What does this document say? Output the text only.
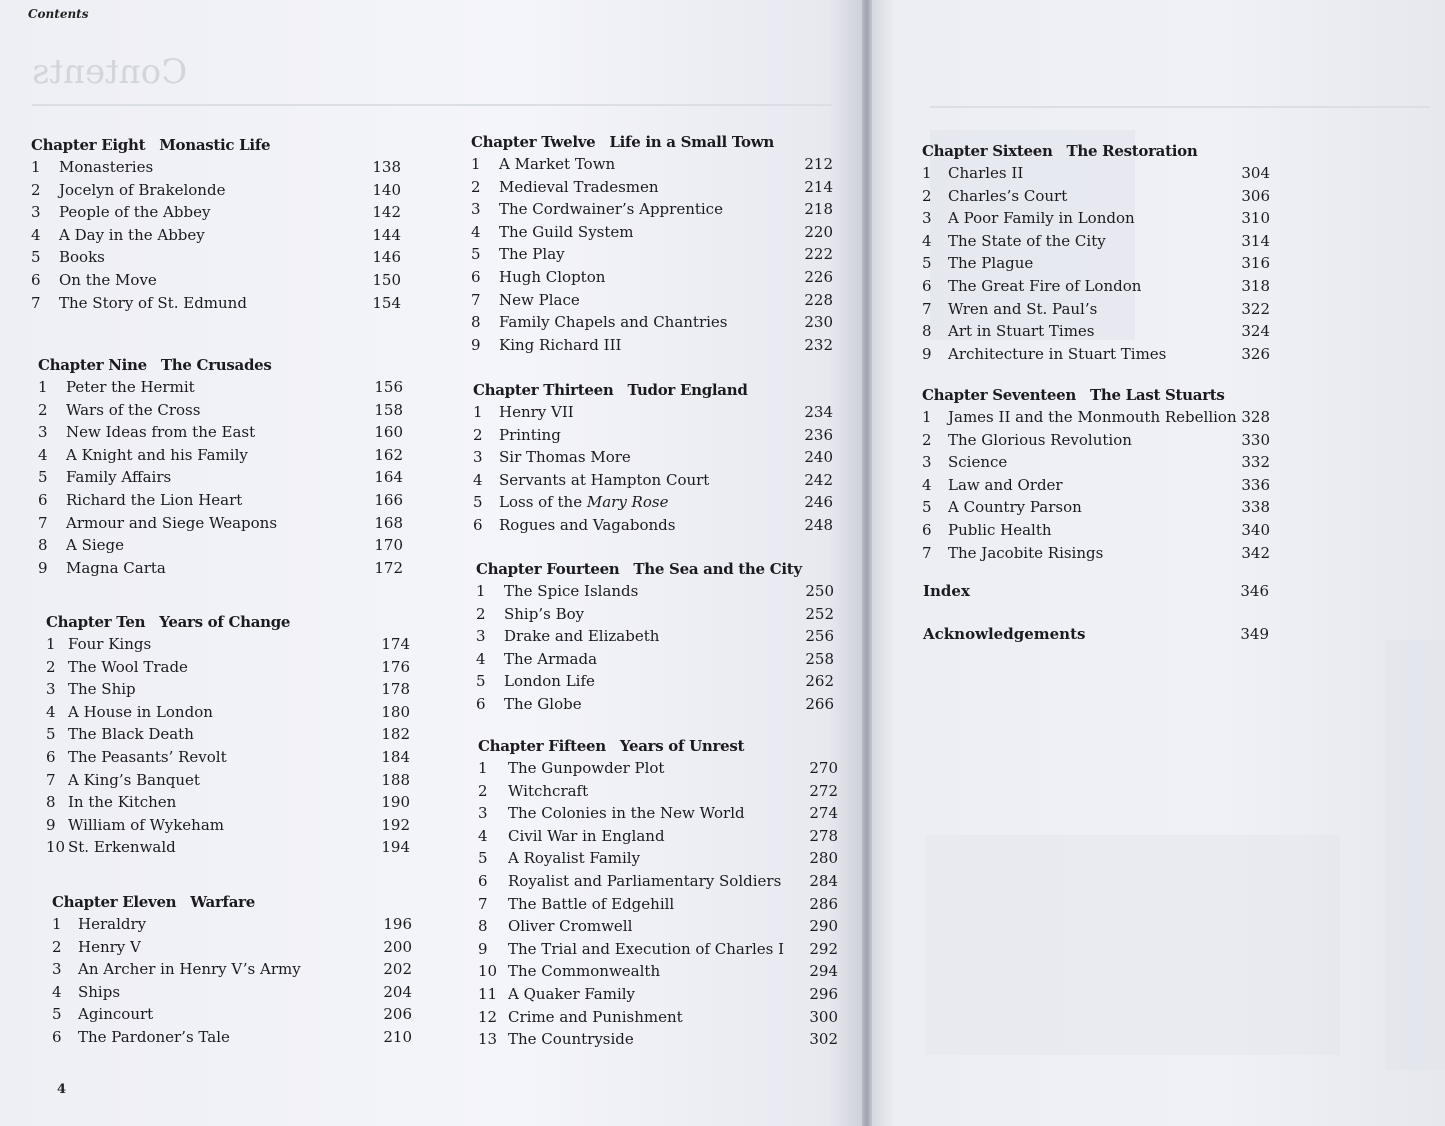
Contents
Contents
4
Chapter Eight Monastic Life
1	Monasteries	138
2	Jocelyn of Brakelonde	140
3	People of the Abbey	142
4	A Day in the Abbey	144
5	Books	146
6	On the Move	150
7	The Story of St. Edmund	154
Chapter Nine The Crusades
1	Peter the Hermit	156
2	Wars of the Cross	158
3	New Ideas from the East	160
4	A Knight and his Family	162
5	Family Affairs	164
6	Richard the Lion Heart	166
7	Armour and Siege Weapons	168
8	A Siege	170
9	Magna Carta	172
Chapter Ten Years of Change
1 Four Kings	174
2 The Wool Trade	176
3 The Ship	178
4 A House in London	180
5 The Black Death	182
6 The Peasants’ Revolt	184
7 A King’s Banquet	188
8 In the Kitchen	190
9 William of Wykeham	192
10 St. Erkenwald	194
Chapter Eleven Warfare
1	Heraldry	196
2	Henry V	200
3	An Archer in Henry V’s Army	202
4	Ships	204
5	Agincourt	206
6	The Pardoner’s Tale	210
Chapter Twelve Life in a Small Town
1	A Market Town	212
2	Medieval Tradesmen	214
3	The Cordwainer’s Apprentice	218
4	The Guild System	220
5	The Play	222
6	Hugh Clopton	226
7	New Place	228
8	Family Chapels and Chantries	230
9	King Richard III	232
Chapter Thirteen Tudor England
1	Henry VII	234
2	Printing	236
3	Sir Thomas More	240
4	Servants at Hampton Court	242
5	Loss of the Mary Rose	246
6	Rogues and Vagabonds	248
Chapter Fourteen The Sea and the City
1	The Spice Islands	250
2	Ship’s Boy	252
3	Drake and Elizabeth	256
4	The Armada	258
5	London Life	262
6	The Globe	266
Chapter Fifteen Years of Unrest
1	The Gunpowder Plot	270
2	Witchcraft	272
3	The Colonies in the New World	274
4	Civil War in England	278
5	A Royalist Family	280
6	Royalist and Parliamentary Soldiers	284
7	The Battle of Edgehill	286
8	Oliver Cromwell	290
9	The Trial and Execution of Charles I	292
10 The Commonwealth	294
11 A Quaker Family	296
12 Crime and Punishment	300
13 The Countryside	302
Chapter Sixteen The Restoration
1	Charles II	304
2	Charles’s Court	306
3	A Poor Family in London	310
4	The State of the City	314
5	The Plague	316
6	The Great Fire of London	318
7	Wren and St. Paul’s	322
8	Art in Stuart Times	324
9	Architecture in Stuart Times	326
Chapter Seventeen The Last Stuarts
1	James II and the Monmouth Rebellion 328
2	The Glorious Revolution	330
3	Science	332
4	Law and Order	336
5	A Country Parson	338
6	Public Health	340
7	The Jacobite Risings	342
Index	346
Acknowledgements	349
